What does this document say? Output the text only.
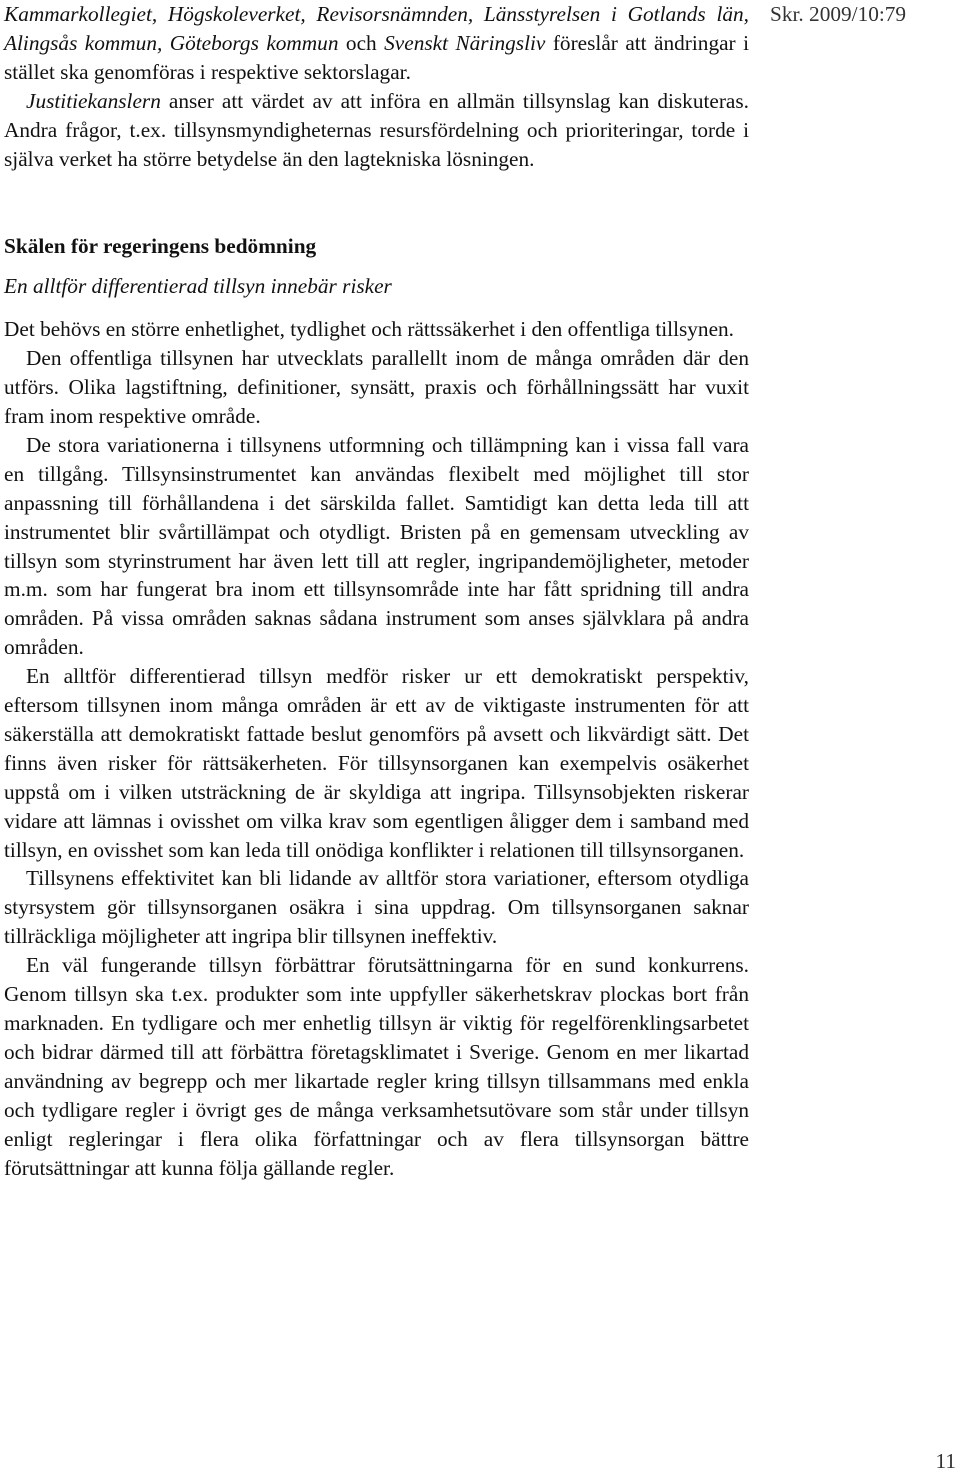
Skr. 2009/10:79

Kammarkollegiet, Högskoleverket, Revisorsnämnden, Länsstyrelsen i Gotlands län, Alingsås kommun, Göteborgs kommun och Svenskt Näringsliv föreslår att ändringar i stället ska genomföras i respektive sektorslagar.

Justitiekanslern anser att värdet av att införa en allmän tillsynslag kan diskuteras. Andra frågor, t.ex. tillsynsmyndigheternas resursfördelning och prioriteringar, torde i själva verket ha större betydelse än den lagtekniska lösningen.

Skälen för regeringens bedömning

En alltför differentierad tillsyn innebär risker

Det behövs en större enhetlighet, tydlighet och rättssäkerhet i den offentliga tillsynen.

Den offentliga tillsynen har utvecklats parallellt inom de många områden där den utförs. Olika lagstiftning, definitioner, synsätt, praxis och förhållningssätt har vuxit fram inom respektive område.

De stora variationerna i tillsynens utformning och tillämpning kan i vissa fall vara en tillgång. Tillsynsinstrumentet kan användas flexibelt med möjlighet till stor anpassning till förhållandena i det särskilda fallet. Samtidigt kan detta leda till att instrumentet blir svårtillämpat och otydligt. Bristen på en gemensam utveckling av tillsyn som styrinstrument har även lett till att regler, ingripandemöjligheter, metoder m.m. som har fungerat bra inom ett tillsynsområde inte har fått spridning till andra områden. På vissa områden saknas sådana instrument som anses självklara på andra områden.

En alltför differentierad tillsyn medför risker ur ett demokratiskt perspektiv, eftersom tillsynen inom många områden är ett av de viktigaste instrumenten för att säkerställa att demokratiskt fattade beslut genomförs på avsett och likvärdigt sätt. Det finns även risker för rättsäkerheten. För tillsynsorganen kan exempelvis osäkerhet uppstå om i vilken utsträckning de är skyldiga att ingripa. Tillsynsobjekten riskerar vidare att lämnas i ovisshet om vilka krav som egentligen åligger dem i samband med tillsyn, en ovisshet som kan leda till onödiga konflikter i relationen till tillsynsorganen.

Tillsynens effektivitet kan bli lidande av alltför stora variationer, eftersom otydliga styrsystem gör tillsynsorganen osäkra i sina uppdrag. Om tillsynsorganen saknar tillräckliga möjligheter att ingripa blir tillsynen ineffektiv.

En väl fungerande tillsyn förbättrar förutsättningarna för en sund konkurrens. Genom tillsyn ska t.ex. produkter som inte uppfyller säkerhetskrav plockas bort från marknaden. En tydligare och mer enhetlig tillsyn är viktig för regelförenklingsarbetet och bidrar därmed till att förbättra företagsklimatet i Sverige. Genom en mer likartad användning av begrepp och mer likartade regler kring tillsyn tillsammans med enkla och tydligare regler i övrigt ges de många verksamhetsutövare som står under tillsyn enligt regleringar i flera olika författningar och av flera tillsynsorgan bättre förutsättningar att kunna följa gällande regler.

11
